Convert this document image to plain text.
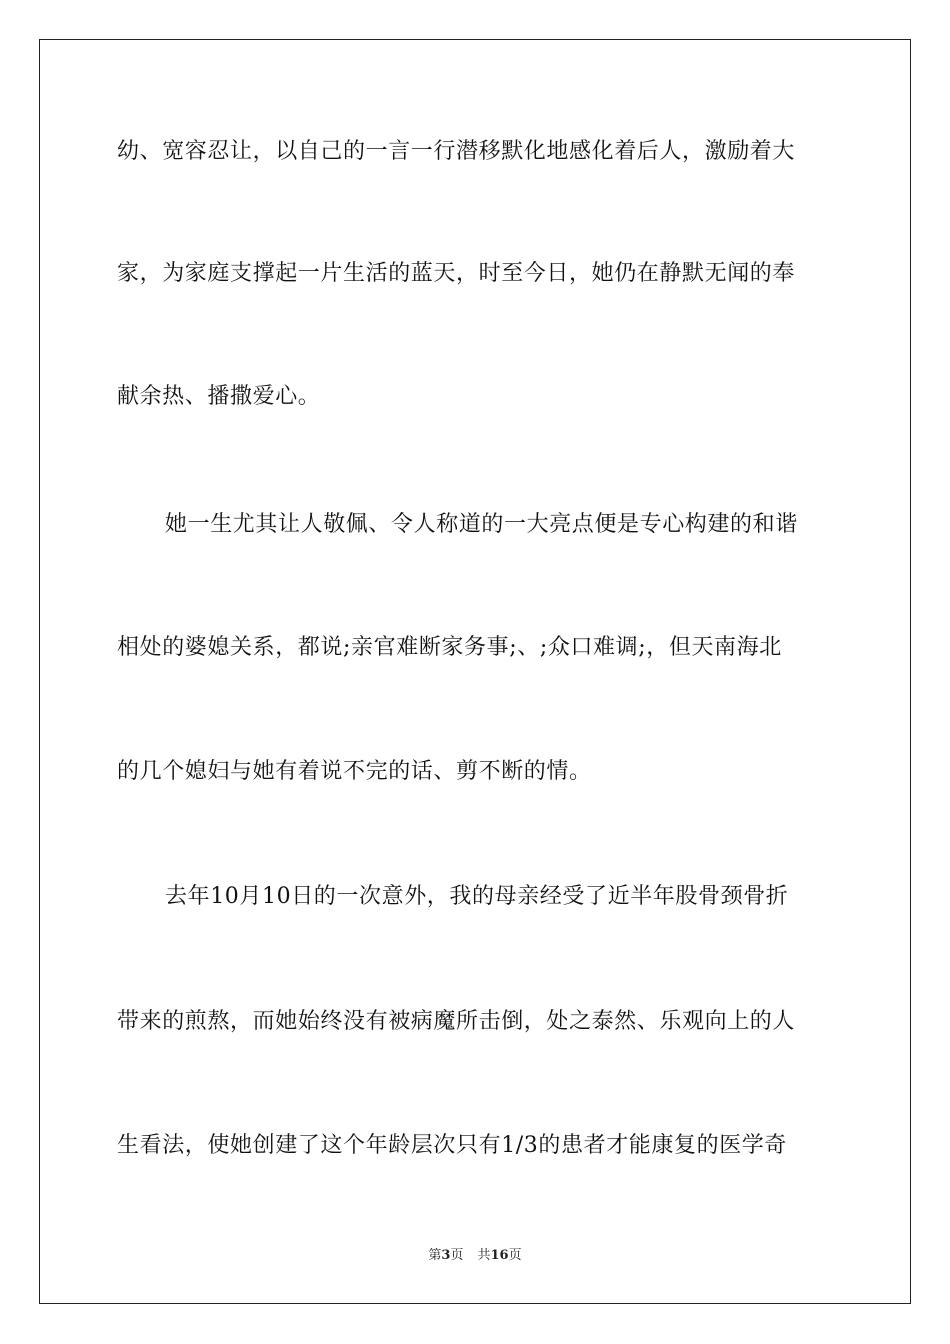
幼、宽容忍让，以自己的一言一行潜移默化地感化着后人，激励着大
家，为家庭支撑起一片生活的蓝天，时至今日，她仍在静默无闻的奉
献余热、播撒爱心。
她一生尤其让人敬佩、令人称道的一大亮点便是专心构建的和谐
相处的婆媳关系，都说;亲官难断家务事;、;众口难调;，但天南海北
的几个媳妇与她有着说不完的话、剪不断的情。
去年10月10日的一次意外，我的母亲经受了近半年股骨颈骨折
带来的煎熬，而她始终没有被病魔所击倒，处之泰然、乐观向上的人
生看法，使她创建了这个年龄层次只有1/3的患者才能康复的医学奇
第3页 共16页
